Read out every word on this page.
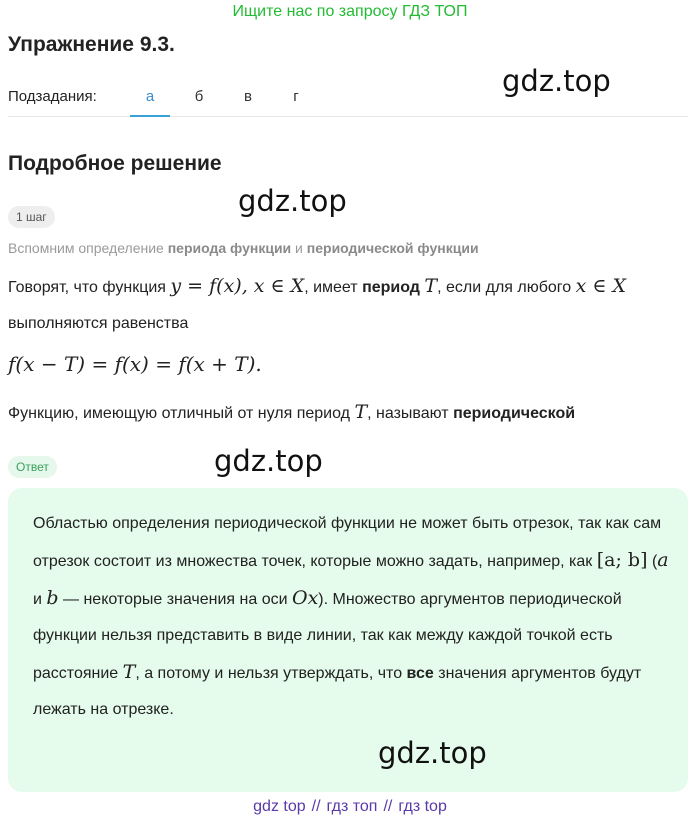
Ищите нас по запросу ГДЗ ТОП
Упражнение 9.3.
Подзадания:	а	б	в	г	gdz.top
Подробное решение
gdz.top
1 шаг
Вспомним определение периода функции и периодической функции
Говорят, что функция y = f(x), x ∈ X, имеет период T, если для любого x ∈ X выполняются равенства
f(x − T) = f(x) = f(x + T).
Функцию, имеющую отличный от нуля период T, называют периодической
Ответ	gdz.top
Областью определения периодической функции не может быть отрезок, так как сам отрезок состоит из множества точек, которые можно задать, например, как [a; b] (a и b — некоторые значения на оси Ox). Множество аргументов периодической функции нельзя представить в виде линии, так как между каждой точкой есть расстояние T, а потому и нельзя утверждать, что все значения аргументов будут лежать на отрезке.
gdz.top
gdz top // гдз топ // гдз top
